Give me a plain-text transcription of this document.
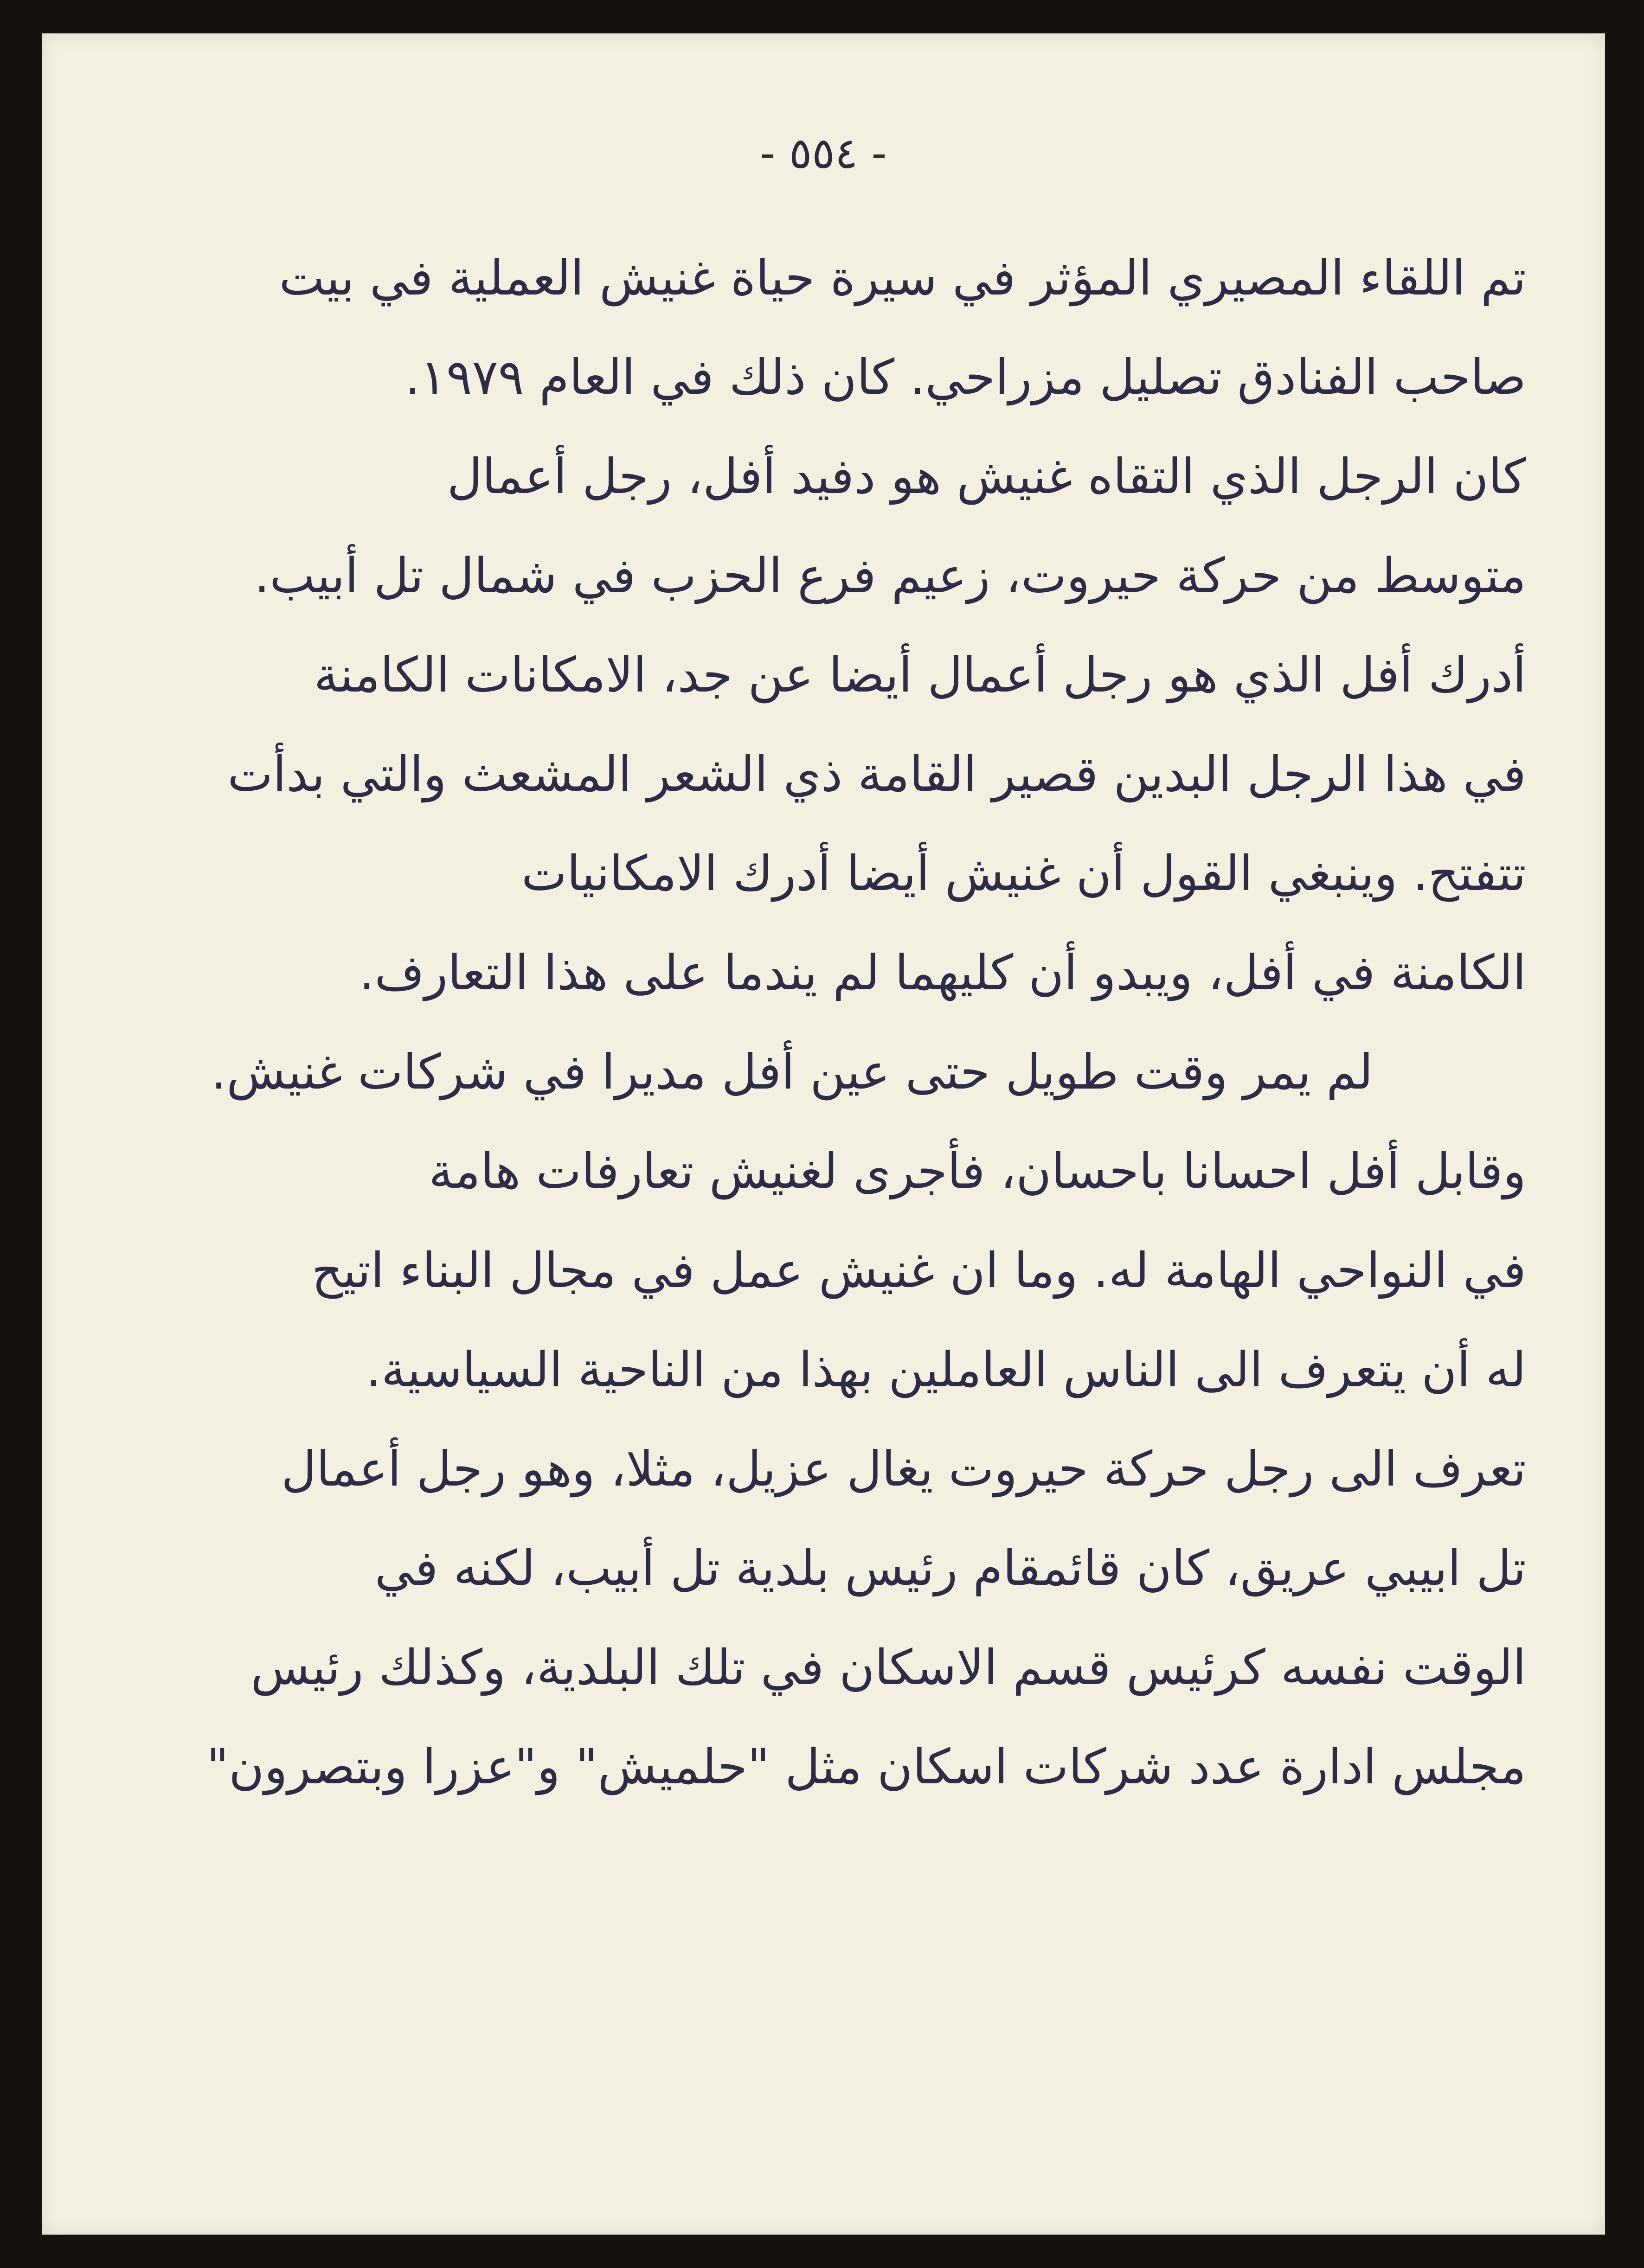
- ٥٥٤ -
تم اللقاء المصيري المؤثر في سيرة حياة غنيش العملية في بيت
صاحب الفنادق تصليل مزراحي. كان ذلك في العام ١٩٧٩.
كان الرجل الذي التقاه غنيش هو دفيد أفل، رجل أعمال
متوسط من حركة حيروت، زعيم فرع الحزب في شمال تل أبيب.
أدرك أفل الذي هو رجل أعمال أيضا عن جد، الامكانات الكامنة
في هذا الرجل البدين قصير القامة ذي الشعر المشعث والتي بدأت
تتفتح. وينبغي القول أن غنيش أيضا أدرك الامكانيات
الكامنة في أفل، ويبدو أن كليهما لم يندما على هذا التعارف.
لم يمر وقت طويل حتى عين أفل مديرا في شركات غنيش.
وقابل أفل احسانا باحسان، فأجرى لغنيش تعارفات هامة
في النواحي الهامة له. وما ان غنيش عمل في مجال البناء اتيح
له أن يتعرف الى الناس العاملين بهذا من الناحية السياسية.
تعرف الى رجل حركة حيروت يغال عزيل، مثلا، وهو رجل أعمال
تل ابيبي عريق، كان قائمقام رئيس بلدية تل أبيب، لكنه في
الوقت نفسه كرئيس قسم الاسكان في تلك البلدية، وكذلك رئيس
مجلس ادارة عدد شركات اسكان مثل "حلميش" و"عزرا وبتصرون"
